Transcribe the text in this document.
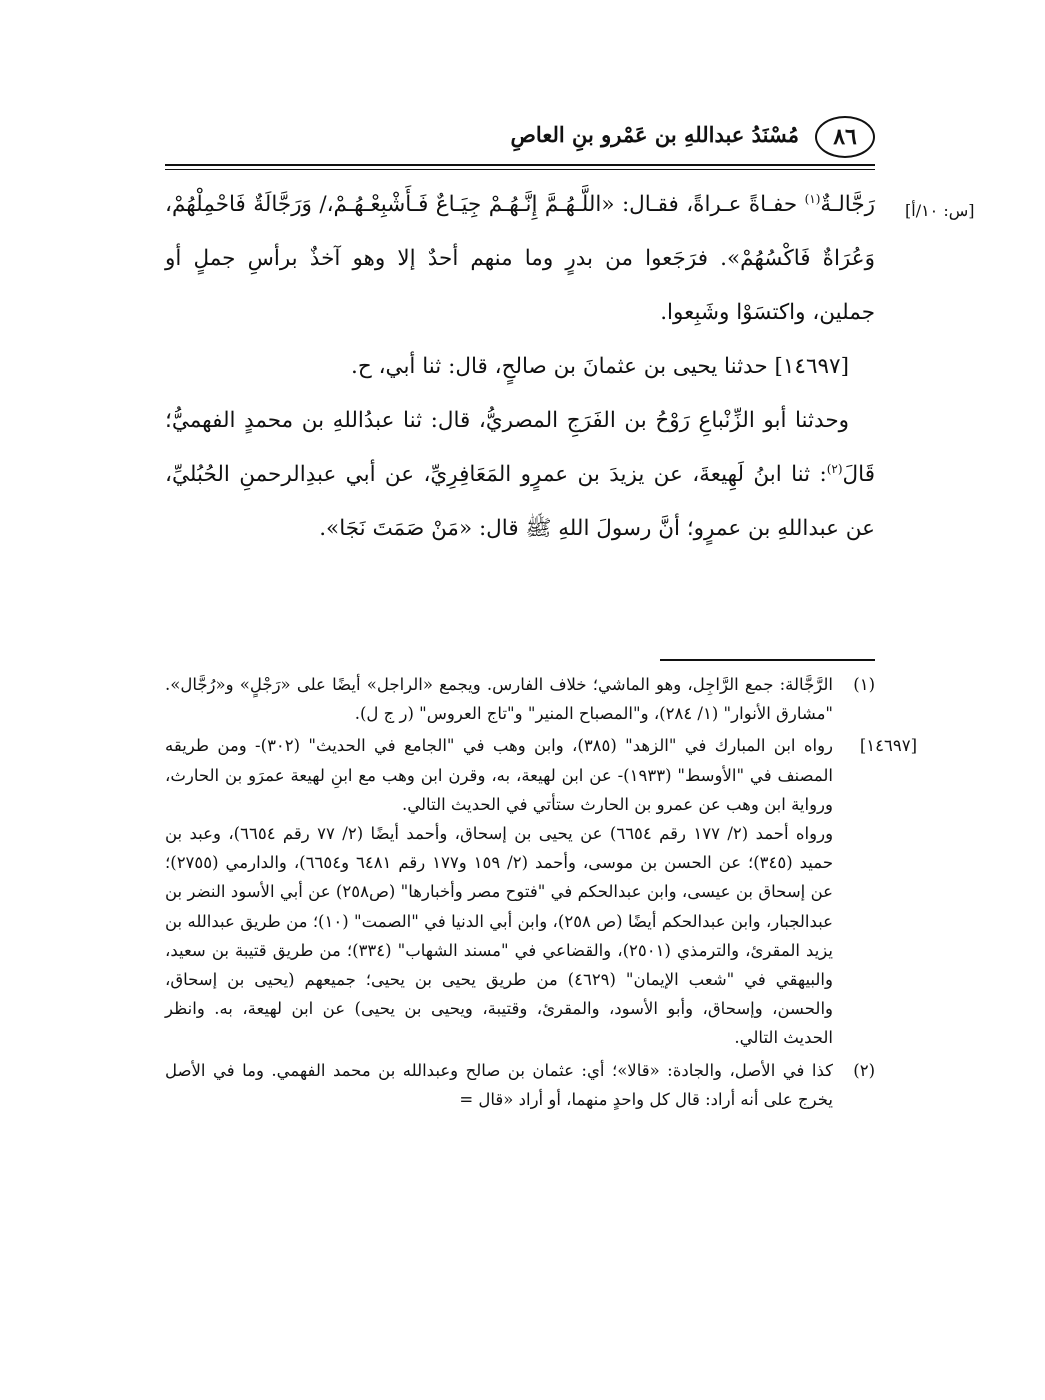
٨٦
مُسْنَدُ عبداللهِ بن عَمْرو بنِ العاصِ
[س: ١٠/أ]

رَجَّالـةٌ$^{(١)}$ حفـاةً عـراةً، فقـال: «اللَّـهُـمَّ إِنَّـهُـمْ جِيَـاعٌ فَـأَشْبِعْـهُـمْ،/ وَرَجَّالَةٌ فَاحْمِلْهُمْ، وَعُرَاةٌ فَاكْسُهُمْ». فرَجَعوا من بدرٍ وما منهم أحدٌ إلا وهو آخذٌ برأسِ جملٍ أو جملين، واكتسَوْا وشَبِعوا.

[١٤٦٩٧] حدثنا يحيى بن عثمانَ بن صالحٍ، قال: ثنا أبي، ح.

وحدثنا أبو الزِّنْباعِ رَوْحُ بن الفَرَجِ المصريُّ، قال: ثنا عبدُاللهِ بن محمدٍ الفهميُّ؛ قَالَ$^{(٢)}$: ثنا ابنُ لَهِيعةَ، عن يزيدَ بن عمرٍو المَعَافِرِيِّ، عن أبي عبدِالرحمنِ الحُبُليِّ، عن عبداللهِ بن عمرٍو؛ أنَّ رسولَ اللهِ ﷺ قال: «مَنْ صَمَتَ نَجَا».

(١)

الرَّجَّالة: جمع الرَّاجِل، وهو الماشي؛ خلاف الفارس. ويجمع «الراجل» أيضًا على «رَجْلٍ» و«رُجَّال». "مشارق الأنوار" (١/ ٢٨٤)، و"المصباح المنير" و"تاج العروس" (ر ج ل).

[١٤٦٩٧]

رواه ابن المبارك في "الزهد" (٣٨٥)، وابن وهب في "الجامع في الحديث" (٣٠٢)- ومن طريقه المصنف في "الأوسط" (١٩٣٣)- عن ابن لهيعة، به، وقرن ابن وهب مع ابنِ لهيعة عمرَو بن الحارث، ورواية ابن وهب عن عمرو بن الحارث ستأتي في الحديث التالي.

ورواه أحمد (٢/ ١٧٧ رقم ٦٦٥٤) عن يحيى بن إسحاق، وأحمد أيضًا (٢/ ٧٧ رقم ٦٦٥٤)، وعبد بن حميد (٣٤٥)؛ عن الحسن بن موسى، وأحمد (٢/ ١٥٩ و١٧٧ رقم ٦٤٨١ و٦٦٥٤)، والدارمي (٢٧٥٥)؛ عن إسحاق بن عيسى، وابن عبدالحكم في "فتوح مصر وأخبارها" (ص٢٥٨) عن أبي الأسود النضر بن عبدالجبار، وابن عبدالحكم أيضًا (ص ٢٥٨)، وابن أبي الدنيا في "الصمت" (١٠)؛ من طريق عبدالله بن يزيد المقرئ، والترمذي (٢٥٠١)، والقضاعي في "مسند الشهاب" (٣٣٤)؛ من طريق قتيبة بن سعيد، والبيهقي في "شعب الإيمان" (٤٦٢٩) من طريق يحيى بن يحيى؛ جميعهم (يحيى بن إسحاق، والحسن، وإسحاق، وأبو الأسود، والمقرئ، وقتيبة، ويحيى بن يحيى) عن ابن لهيعة، به. وانظر الحديث التالي.

(٢)

كذا في الأصل، والجادة: «قالا»؛ أي: عثمان بن صالح وعبدالله بن محمد الفهمي. وما في الأصل يخرج على أنه أراد: قال كل واحدٍ منهما، أو أراد «قال =
